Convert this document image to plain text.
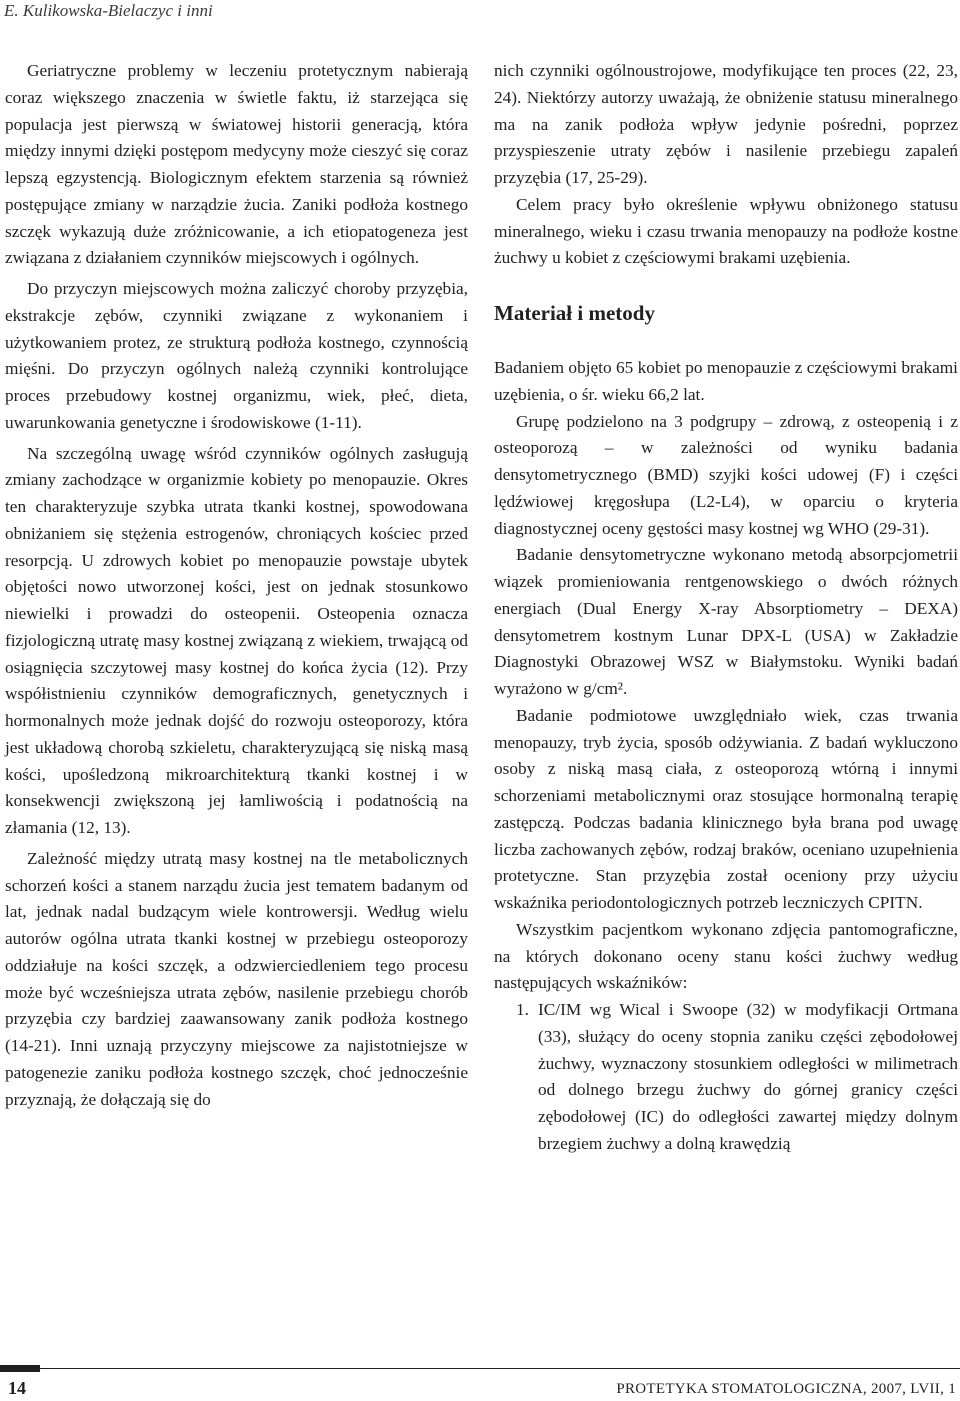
E. Kulikowska-Bielaczyc i inni

Geriatryczne problemy w leczeniu protetycznym nabierają coraz większego znaczenia w świetle faktu, iż starzejąca się populacja jest pierwszą w światowej historii generacją, która między innymi dzięki postępom medycyny może cieszyć się coraz lepszą egzystencją. Biologicznym efektem starzenia są również postępujące zmiany w narządzie żucia. Zaniki podłoża kostnego szczęk wykazują duże zróżnicowanie, a ich etiopatogeneza jest związana z działaniem czynników miejscowych i ogólnych.

Do przyczyn miejscowych można zaliczyć choroby przyzębia, ekstrakcje zębów, czynniki związane z wykonaniem i użytkowaniem protez, ze strukturą podłoża kostnego, czynnością mięśni. Do przyczyn ogólnych należą czynniki kontrolujące proces przebudowy kostnej organizmu, wiek, płeć, dieta, uwarunkowania genetyczne i środowiskowe (1-11).

Na szczególną uwagę wśród czynników ogólnych zasługują zmiany zachodzące w organizmie kobiety po menopauzie. Okres ten charakteryzuje szybka utrata tkanki kostnej, spowodowana obniżaniem się stężenia estrogenów, chroniących kościec przed resorpcją. U zdrowych kobiet po menopauzie powstaje ubytek objętości nowo utworzonej kości, jest on jednak stosunkowo niewielki i prowadzi do osteopenii. Osteopenia oznacza fizjologiczną utratę masy kostnej związaną z wiekiem, trwającą od osiągnięcia szczytowej masy kostnej do końca życia (12). Przy współistnieniu czynników demograficznych, genetycznych i hormonalnych może jednak dojść do rozwoju osteoporozy, która jest układową chorobą szkieletu, charakteryzującą się niską masą kości, upośledzoną mikroarchitekturą tkanki kostnej i w konsekwencji zwiększoną jej łamliwością i podatnością na złamania (12, 13).

Zależność między utratą masy kostnej na tle metabolicznych schorzeń kości a stanem narządu żucia jest tematem badanym od lat, jednak nadal budzącym wiele kontrowersji. Według wielu autorów ogólna utrata tkanki kostnej w przebiegu osteoporozy oddziałuje na kości szczęk, a odzwierciedleniem tego procesu może być wcześniejsza utrata zębów, nasilenie przebiegu chorób przyzębia czy bardziej zaawansowany zanik podłoża kostnego (14-21). Inni uznają przyczyny miejscowe za najistotniejsze w patogenezie zaniku podłoża kostnego szczęk, choć jednocześnie przyznają, że dołączają się do

nich czynniki ogólnoustrojowe, modyfikujące ten proces (22, 23, 24). Niektórzy autorzy uważają, że obniżenie statusu mineralnego ma na zanik podłoża wpływ jedynie pośredni, poprzez przyspieszenie utraty zębów i nasilenie przebiegu zapaleń przyzębia (17, 25-29).

Celem pracy było określenie wpływu obniżonego statusu mineralnego, wieku i czasu trwania menopauzy na podłoże kostne żuchwy u kobiet z częściowymi brakami uzębienia.

Materiał i metody

Badaniem objęto 65 kobiet po menopauzie z częściowymi brakami uzębienia, o śr. wieku 66,2 lat.

Grupę podzielono na 3 podgrupy – zdrową, z osteopenią i z osteoporozą – w zależności od wyniku badania densytometrycznego (BMD) szyjki kości udowej (F) i części lędźwiowej kręgosłupa (L2-L4), w oparciu o kryteria diagnostycznej oceny gęstości masy kostnej wg WHO (29-31).

Badanie densytometryczne wykonano metodą absorpcjometrii wiązek promieniowania rentgenowskiego o dwóch różnych energiach (Dual Energy X-ray Absorptiometry – DEXA) densytometrem kostnym Lunar DPX-L (USA) w Zakładzie Diagnostyki Obrazowej WSZ w Białymstoku. Wyniki badań wyrażono w g/cm².

Badanie podmiotowe uwzględniało wiek, czas trwania menopauzy, tryb życia, sposób odżywiania. Z badań wykluczono osoby z niską masą ciała, z osteoporozą wtórną i innymi schorzeniami metabolicznymi oraz stosujące hormonalną terapię zastępczą. Podczas badania klinicznego była brana pod uwagę liczba zachowanych zębów, rodzaj braków, oceniano uzupełnienia protetyczne. Stan przyzębia został oceniony przy użyciu wskaźnika periodontologicznych potrzeb leczniczych CPITN.

Wszystkim pacjentkom wykonano zdjęcia pantomograficzne, na których dokonano oceny stanu kości żuchwy według następujących wskaźników:

1. IC/IM wg Wical i Swoope (32) w modyfikacji Ortmana (33), służący do oceny stopnia zaniku części zębodołowej żuchwy, wyznaczony stosunkiem odległości w milimetrach od dolnego brzegu żuchwy do górnej granicy części zębodołowej (IC) do odległości zawartej między dolnym brzegiem żuchwy a dolną krawędzią
14	PROTETYKA STOMATOLOGICZNA, 2007, LVII, 1
